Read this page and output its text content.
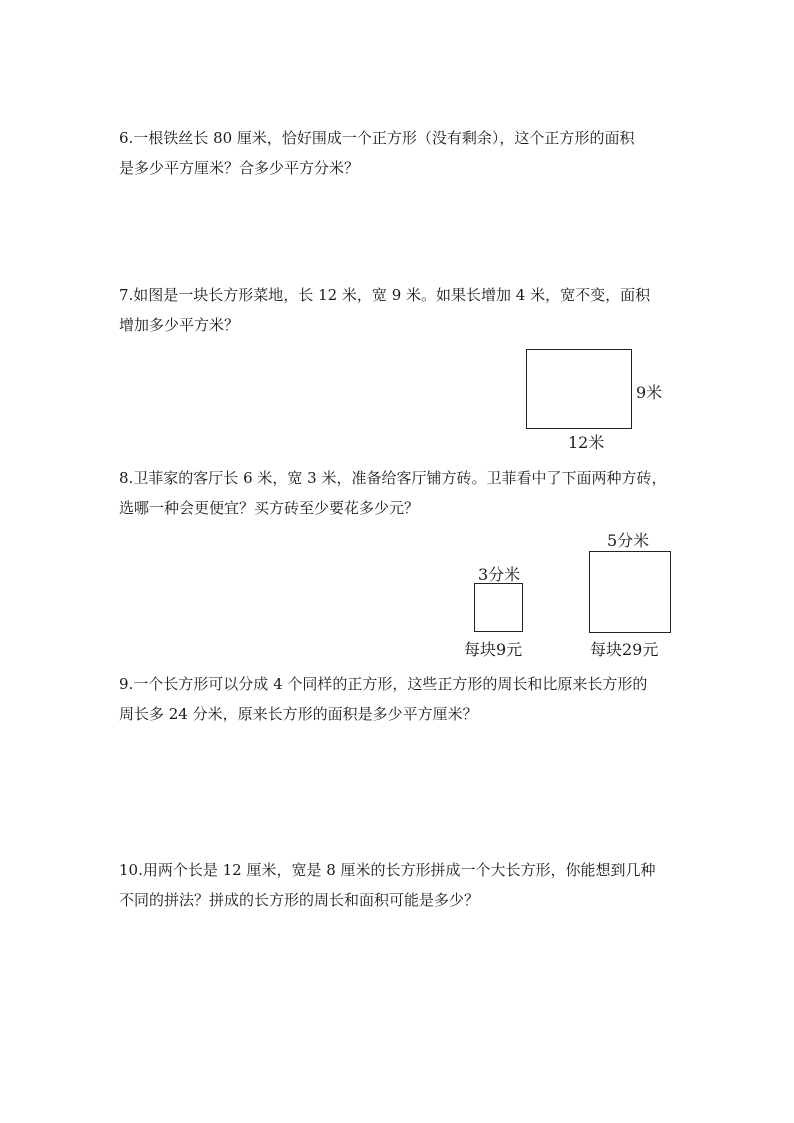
6.一根铁丝长 80 厘米，恰好围成一个正方形（没有剩余），这个正方形的面积
是多少平方厘米？合多少平方分米？
7.如图是一块长方形菜地，长 12 米，宽 9 米。如果长增加 4 米，宽不变，面积
增加多少平方米？
9米
12米
8.卫菲家的客厅长 6 米，宽 3 米，准备给客厅铺方砖。卫菲看中了下面两种方砖，
选哪一种会更便宜？买方砖至少要花多少元？
3分米
每块9元
5分米
每块29元
9.一个长方形可以分成 4 个同样的正方形，这些正方形的周长和比原来长方形的
周长多 24 分米，原来长方形的面积是多少平方厘米？
10.用两个长是 12 厘米，宽是 8 厘米的长方形拼成一个大长方形，你能想到几种
不同的拼法？拼成的长方形的周长和面积可能是多少？
